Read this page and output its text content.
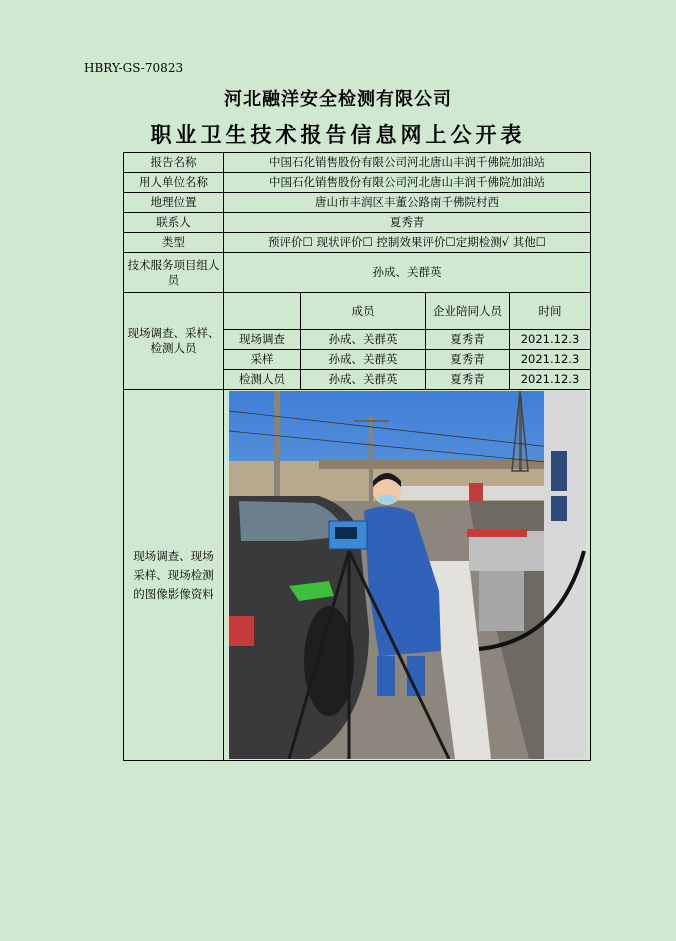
HBRY-GS-70823
河北融洋安全检测有限公司
职业卫生技术报告信息网上公开表
报告名称	中国石化销售股份有限公司河北唐山丰润千佛院加油站			
用人单位名称	中国石化销售股份有限公司河北唐山丰润千佛院加油站			
地理位置	唐山市丰润区丰董公路南千佛院村西			
联系人	夏秀青			
类型	预评价☐ 现状评价☐ 控制效果评价☐定期检测√ 其他☐			
技术服务项目组人员	孙成、关群英			
现场调查、采样、检测人员		成员	企业陪同人员	时间
	现场调查	孙成、关群英	夏秀青	2021.12.3
	采样	孙成、关群英	夏秀青	2021.12.3
	检测人员	孙成、关群英	夏秀青	2021.12.3
现场调查、现场采样、现场检测的图像影像资料	
